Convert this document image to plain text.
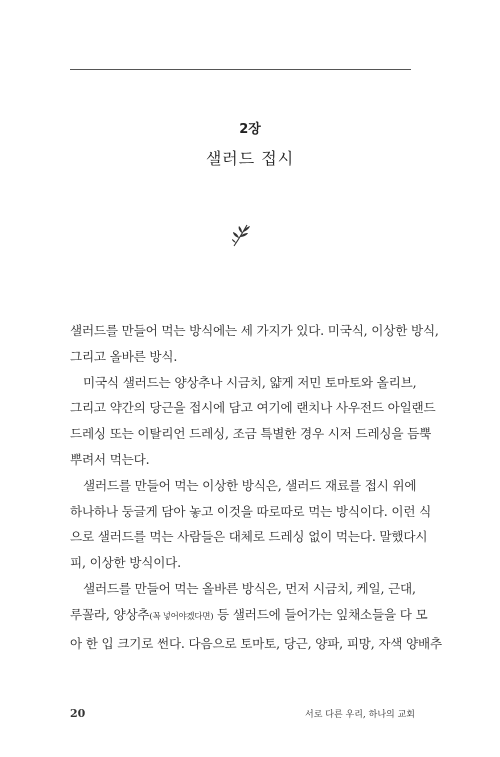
2장
샐러드 접시
샐러드를 만들어 먹는 방식에는 세 가지가 있다. 미국식, 이상한 방식,
그리고 올바른 방식.
미국식 샐러드는 양상추나 시금치, 얇게 저민 토마토와 올리브,
그리고 약간의 당근을 접시에 담고 여기에 랜치나 사우전드 아일랜드
드레싱 또는 이탈리언 드레싱, 조금 특별한 경우 시저 드레싱을 듬뿍
뿌려서 먹는다.
샐러드를 만들어 먹는 이상한 방식은, 샐러드 재료를 접시 위에
하나하나 둥글게 담아 놓고 이것을 따로따로 먹는 방식이다. 이런 식
으로 샐러드를 먹는 사람들은 대체로 드레싱 없이 먹는다. 말했다시
피, 이상한 방식이다.
샐러드를 만들어 먹는 올바른 방식은, 먼저 시금치, 케일, 근대,
루꼴라, 양상추(꼭 넣어야겠다면) 등 샐러드에 들어가는 잎채소들을 다 모
아 한 입 크기로 썬다. 다음으로 토마토, 당근, 양파, 피망, 자색 양배추
20	서로 다른 우리, 하나의 교회
